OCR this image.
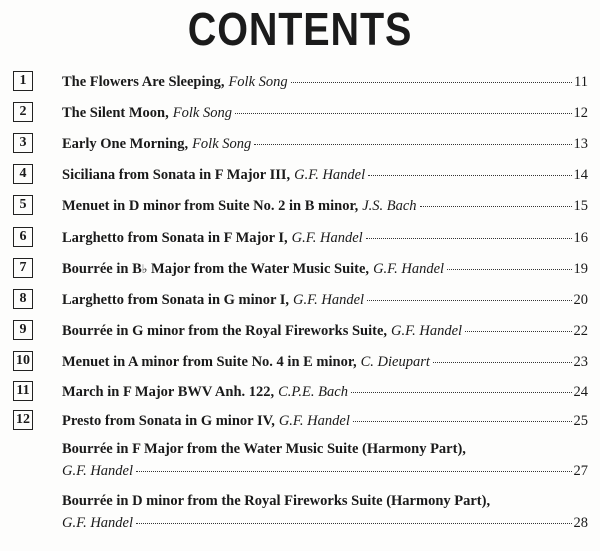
CONTENTS
1	The Flowers Are Sleeping, Folk Song	11
2	The Silent Moon, Folk Song	12
3	Early One Morning, Folk Song	13
4	Siciliana from Sonata in F Major III, G.F. Handel	14
5	Menuet in D minor from Suite No. 2 in B minor, J.S. Bach	15
6	Larghetto from Sonata in F Major I, G.F. Handel	16
7	Bourrée in B♭ Major from the Water Music Suite, G.F. Handel	19
8	Larghetto from Sonata in G minor I, G.F. Handel	20
9	Bourrée in G minor from the Royal Fireworks Suite, G.F. Handel	22
10 Menuet in A minor from Suite No. 4 in E minor, C. Dieupart	23
11 March in F Major BWV Anh. 122, C.P.E. Bach	24
12 Presto from Sonata in G minor IV, G.F. Handel	25
Bourrée in F Major from the Water Music Suite (Harmony Part),
G.F. Handel	27
Bourrée in D minor from the Royal Fireworks Suite (Harmony Part),
G.F. Handel	28
